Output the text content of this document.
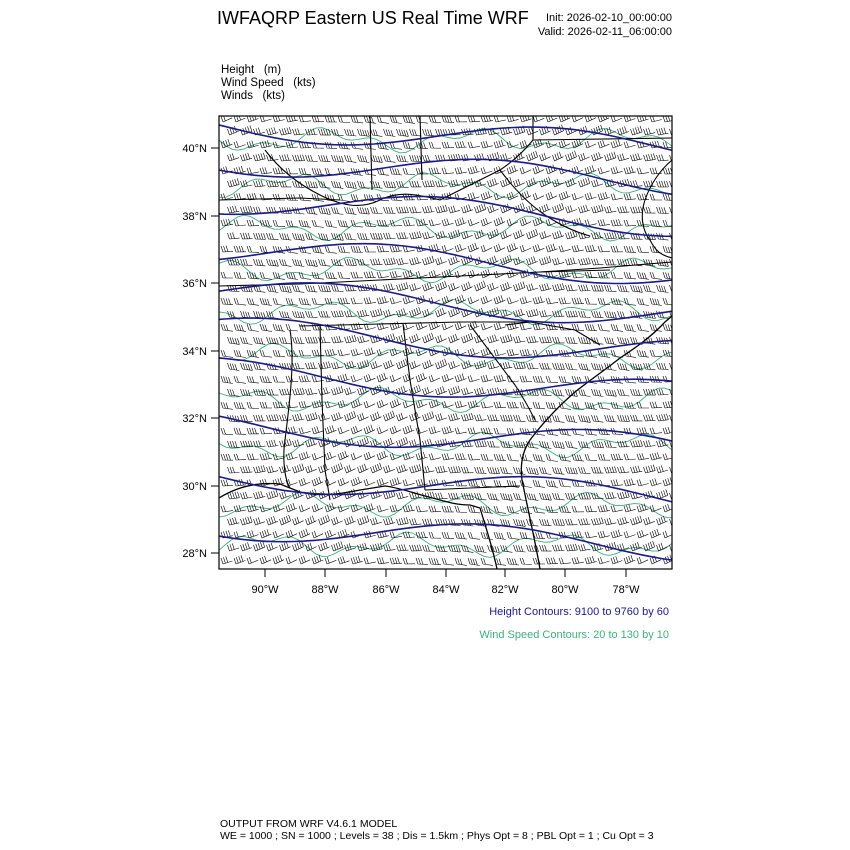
IWFAQRP Eastern US Real Time WRF Init: 2026-02-10_00:00:00
Valid: 2026-02-11_06:00:00
Height (m)
Wind Speed (kts)
Winds (kts)
40°N
38°N
36°N
34°N
32°N
30°N
28°N
90°W	88°W	86°W	84°W	82°W	80°W	78°W
Height Contours: 9100 to 9760 by 60
Wind Speed Contours: 20 to 130 by 10
OUTPUT FROM WRF V4.6.1 MODEL
WE = 1000 ; SN = 1000 ; Levels = 38 ; Dis = 1.5km ; Phys Opt = 8 ; PBL Opt = 1 ; Cu Opt = 3
